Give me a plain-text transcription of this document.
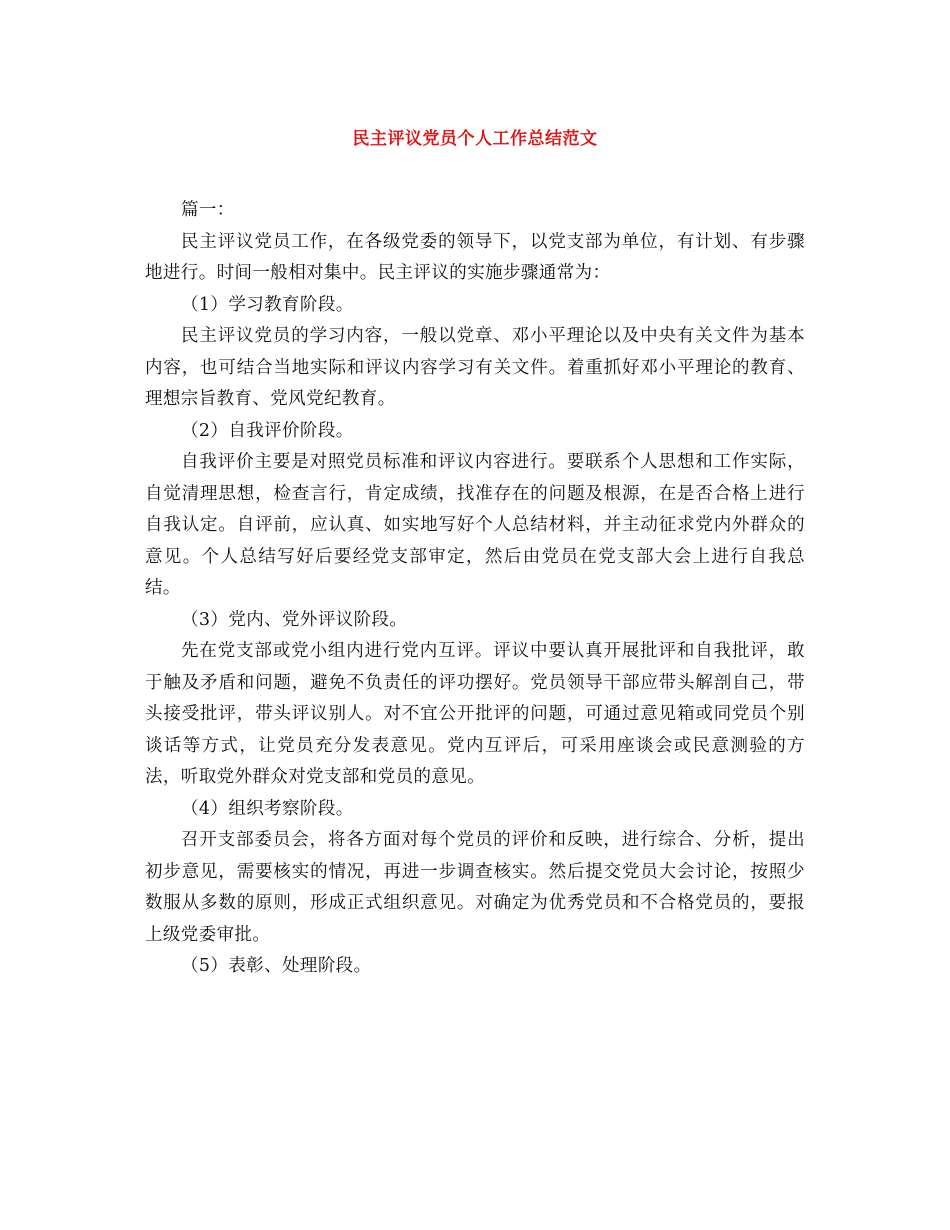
民主评议党员个人工作总结范文

篇一：

民主评议党员工作，在各级党委的领导下，以党支部为单位，有计划、有步骤地进行。时间一般相对集中。民主评议的实施步骤通常为：

（1）学习教育阶段。

民主评议党员的学习内容，一般以党章、邓小平理论以及中央有关文件为基本内容，也可结合当地实际和评议内容学习有关文件。着重抓好邓小平理论的教育、理想宗旨教育、党风党纪教育。

（2）自我评价阶段。

自我评价主要是对照党员标准和评议内容进行。要联系个人思想和工作实际，自觉清理思想，检查言行，肯定成绩，找准存在的问题及根源，在是否合格上进行自我认定。自评前，应认真、如实地写好个人总结材料，并主动征求党内外群众的意见。个人总结写好后要经党支部审定，然后由党员在党支部大会上进行自我总结。

（3）党内、党外评议阶段。

先在党支部或党小组内进行党内互评。评议中要认真开展批评和自我批评，敢于触及矛盾和问题，避免不负责任的评功摆好。党员领导干部应带头解剖自己，带头接受批评，带头评议别人。对不宜公开批评的问题，可通过意见箱或同党员个别谈话等方式，让党员充分发表意见。党内互评后，可采用座谈会或民意测验的方法，听取党外群众对党支部和党员的意见。

（4）组织考察阶段。

召开支部委员会，将各方面对每个党员的评价和反映，进行综合、分析，提出初步意见，需要核实的情况，再进一步调查核实。然后提交党员大会讨论，按照少数服从多数的原则，形成正式组织意见。对确定为优秀党员和不合格党员的，要报上级党委审批。

（5）表彰、处理阶段。
